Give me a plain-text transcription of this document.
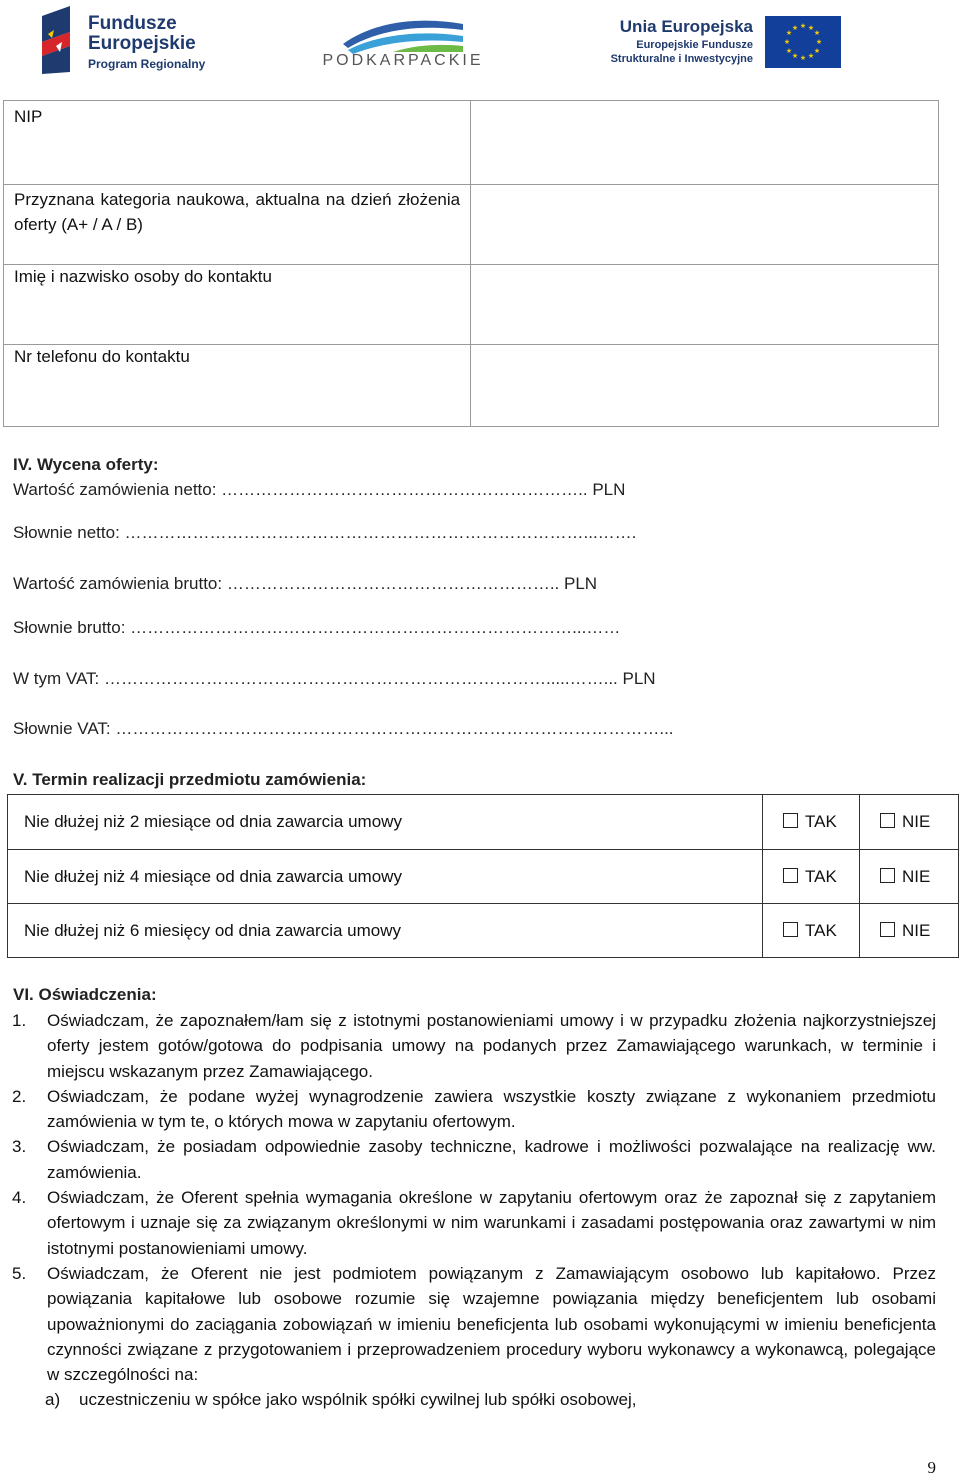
Fundusze
Europejskie
Program Regionalny	PODKARPACKIE
Unia Europejska
Europejskie Fundusze
Strukturalne i Inwestycyjne
★ ★
★
★
★
★
★
★
★
★
★
★
NIP	

Przyznana kategoria naukowa, aktualna na dzień złożenia oferty (A+ / A / B)	

Imię i nazwisko osoby do kontaktu	

Nr telefonu do kontaktu	

IV. Wycena oferty:
Wartość zamówienia netto: ……………………………………………………….. PLN
Słownie netto: ………………………………………………………………………...…….
Wartość zamówienia brutto: ………………………………………………….. PLN
Słownie brutto: ……………………………………………………………………...……
W tym VAT: …………………………………………………………………….....……... PLN
Słownie VAT: ……………………………………………………………………………………...
V. Termin realizacji przedmiotu zamówienia:
Nie dłużej niż 2 miesiące od dnia zawarcia umowy	TAK	NIE
Nie dłużej niż 4 miesiące od dnia zawarcia umowy	TAK	NIE
Nie dłużej niż 6 miesięcy od dnia zawarcia umowy	TAK	NIE
VI. Oświadczenia:
1. Oświadczam, że zapoznałem/łam się z istotnymi postanowieniami umowy i w przypadku złożenia najkorzystniejszej oferty jestem gotów/gotowa do podpisania umowy na podanych przez Zamawiającego warunkach, w terminie i miejscu wskazanym przez Zamawiającego.
2. Oświadczam, że podane wyżej wynagrodzenie zawiera wszystkie koszty związane z wykonaniem przedmiotu zamówienia w tym te, o których mowa w zapytaniu ofertowym.
3. Oświadczam, że posiadam odpowiednie zasoby techniczne, kadrowe i możliwości pozwalające na realizację ww. zamówienia.
4. Oświadczam, że Oferent spełnia wymagania określone w zapytaniu ofertowym oraz że zapoznał się z zapytaniem ofertowym i uznaje się za związanym określonymi w nim warunkami i zasadami postępowania oraz zawartymi w nim istotnymi postanowieniami umowy.
5. Oświadczam, że Oferent nie jest podmiotem powiązanym z Zamawiającym osobowo lub kapitałowo. Przez powiązania kapitałowe lub osobowe rozumie się wzajemne powiązania między beneficjentem lub osobami upoważnionymi do zaciągania zobowiązań w imieniu beneficjenta lub osobami wykonującymi w imieniu beneficjenta czynności związane z przygotowaniem i przeprowadzeniem procedury wyboru wykonawcy a wykonawcą, polegające w szczególności na:
a) uczestniczeniu w spółce jako wspólnik spółki cywilnej lub spółki osobowej,
9
